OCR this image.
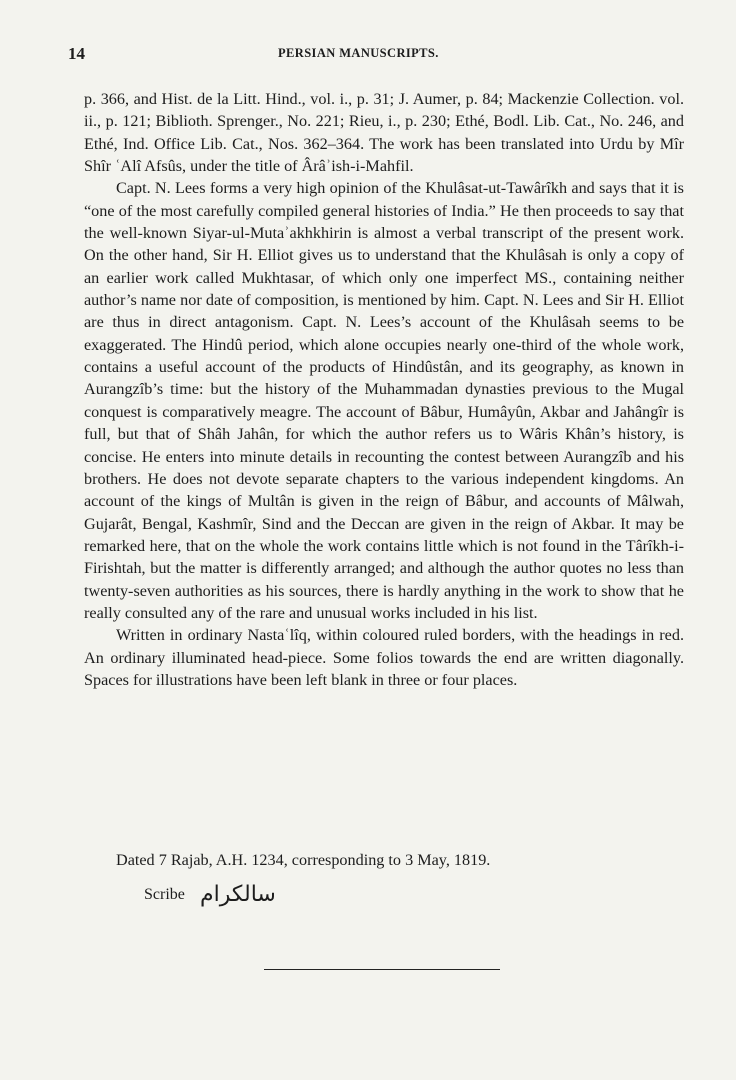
14	PERSIAN MANUSCRIPTS.

p. 366, and Hist. de la Litt. Hind., vol. i., p. 31; J. Aumer, p. 84; Mackenzie Collection. vol. ii., p. 121; Biblioth. Sprenger., No. 221; Rieu, i., p. 230; Ethé, Bodl. Lib. Cat., No. 246, and Ethé, Ind. Office Lib. Cat., Nos. 362–364. The work has been translated into Urdu by Mîr Shîr ʿAlî Afsûs, under the title of Ârâʾish-i-Mahfil.

Capt. N. Lees forms a very high opinion of the Khulâsat-ut-Tawârîkh and says that it is “one of the most carefully compiled general histories of India.” He then proceeds to say that the well-known Siyar-ul-Mutaʾakhkhirin is almost a verbal transcript of the present work. On the other hand, Sir H. Elliot gives us to understand that the Khulâsah is only a copy of an earlier work called Mukhtasar, of which only one imperfect MS., containing neither author’s name nor date of composition, is mentioned by him. Capt. N. Lees and Sir H. Elliot are thus in direct antagonism. Capt. N. Lees’s account of the Khulâsah seems to be exaggerated. The Hindû period, which alone occupies nearly one-third of the whole work, contains a useful account of the products of Hindûstân, and its geography, as known in Aurangzîb’s time: but the history of the Muhammadan dynasties previous to the Mugal conquest is comparatively meagre. The account of Bâbur, Humâyûn, Akbar and Jahângîr is full, but that of Shâh Jahân, for which the author refers us to Wâris Khân’s history, is concise. He enters into minute details in recounting the contest between Aurangzîb and his brothers. He does not devote separate chapters to the various independent kingdoms. An account of the kings of Multân is given in the reign of Bâbur, and accounts of Mâlwah, Gujarât, Bengal, Kashmîr, Sind and the Deccan are given in the reign of Akbar. It may be remarked here, that on the whole the work contains little which is not found in the Târîkh-i-Firishtah, but the matter is differently arranged; and although the author quotes no less than twenty-seven authorities as his sources, there is hardly anything in the work to show that he really consulted any of the rare and unusual works included in his list.

Written in ordinary Nastaʿlîq, within coloured ruled borders, with the headings in red. An ordinary illuminated head-piece. Some folios towards the end are written diagonally. Spaces for illustrations have been left blank in three or four places.

Dated 7 Rajab, A.H. 1234, corresponding to 3 May, 1819.
Scribe سالکرام
